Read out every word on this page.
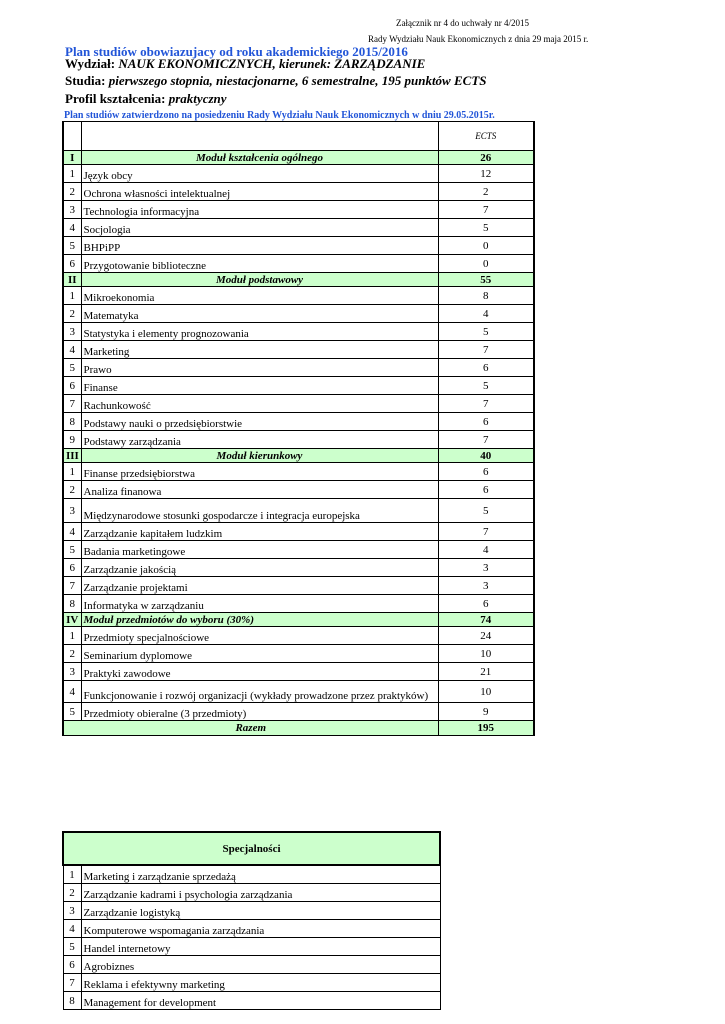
Załącznik nr 4 do uchwały nr 4/2015
Rady Wydziału Nauk Ekonomicznych z dnia 29 maja 2015 r.
Plan studiów obowiazujacy od roku akademickiego 2015/2016
Wydział: NAUK EKONOMICZNYCH, kierunek: ZARZĄDZANIE
Studia: pierwszego stopnia, niestacjonarne, 6 semestralne, 195 punktów ECTS
Profil kształcenia: praktyczny
Plan studiów zatwierdzono na posiedzeniu Rady Wydziału Nauk Ekonomicznych w dniu 29.05.2015r.
		ECTS
I	Moduł kształcenia ogólnego	26
1	Język obcy	12
2	Ochrona własności intelektualnej	2
3	Technologia informacyjna	7
4	Socjologia	5
5	BHPiPP	0
6	Przygotowanie biblioteczne	0
II	Moduł podstawowy	55
1	Mikroekonomia	8
2	Matematyka	4
3	Statystyka i elementy prognozowania	5
4	Marketing	7
5	Prawo	6
6	Finanse	5
7	Rachunkowość	7
8	Podstawy nauki o przedsiębiorstwie	6
9	Podstawy zarządzania	7
III	Moduł kierunkowy	40
1	Finanse przedsiębiorstwa	6
2	Analiza finanowa	6
3	Międzynarodowe stosunki gospodarcze i integracja europejska	5
4	Zarządzanie kapitałem ludzkim	7
5	Badania marketingowe	4
6	Zarządzanie jakością	3
7	Zarządzanie projektami	3
8	Informatyka w zarządzaniu	6
IV	Moduł przedmiotów do wyboru (30%)	74
1	Przedmioty specjalnościowe	24
2	Seminarium dyplomowe	10
3	Praktyki zawodowe	21
4	Funkcjonowanie i rozwój organizacji (wykłady prowadzone przez praktyków)	10
5	Przedmioty obieralne (3 przedmioty)	9
Razem		195
Specjalności	
1	Marketing i zarządzanie sprzedażą
2	Zarządzanie kadrami i psychologia zarządzania
3	Zarządzanie logistyką
4	Komputerowe wspomagania zarządzania
5	Handel internetowy
6	Agrobiznes
7	Reklama i efektywny marketing
8	Management for development
